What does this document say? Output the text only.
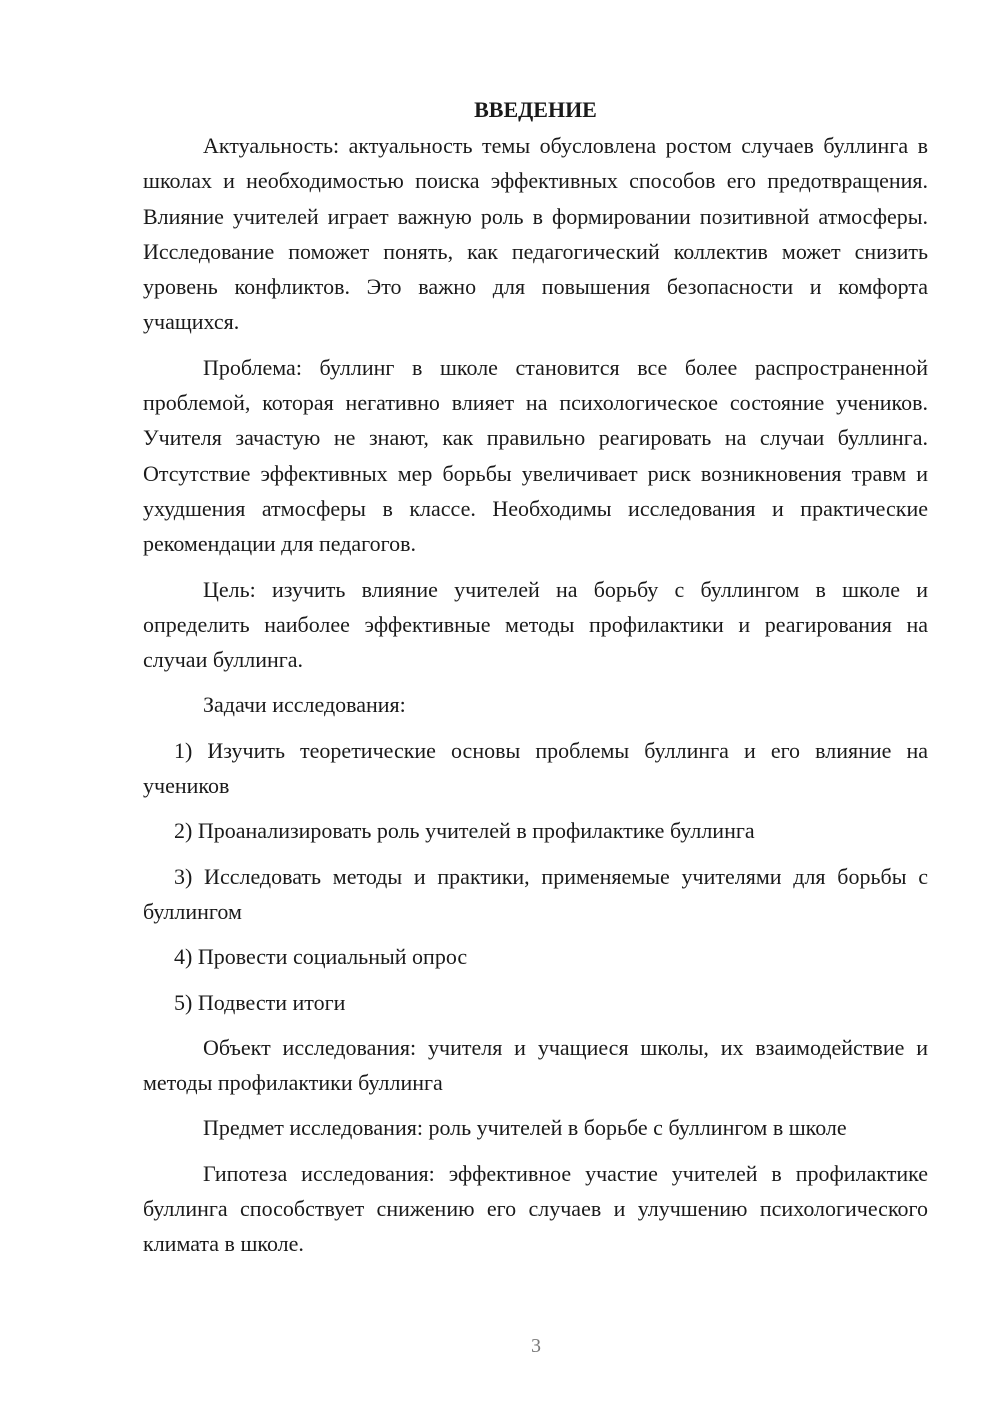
ВВЕДЕНИЕ

Актуальность: актуальность темы обусловлена ростом случаев буллинга в школах и необходимостью поиска эффективных способов его предотвращения. Влияние учителей играет важную роль в формировании позитивной атмосферы. Исследование поможет понять, как педагогический коллектив может снизить уровень конфликтов. Это важно для повышения безопасности и комфорта учащихся.

Проблема: буллинг в школе становится все более распространенной проблемой, которая негативно влияет на психологическое состояние учеников. Учителя зачастую не знают, как правильно реагировать на случаи буллинга. Отсутствие эффективных мер борьбы увеличивает риск возникновения травм и ухудшения атмосферы в классе. Необходимы исследования и практические рекомендации для педагогов.

Цель: изучить влияние учителей на борьбу с буллингом в школе и определить наиболее эффективные методы профилактики и реагирования на случаи буллинга.

Задачи исследования:

1) Изучить теоретические основы проблемы буллинга и его влияние на учеников

2) Проанализировать роль учителей в профилактике буллинга

3) Исследовать методы и практики, применяемые учителями для борьбы с буллингом

4) Провести социальный опрос

5) Подвести итоги

Объект исследования: учителя и учащиеся школы, их взаимодействие и методы профилактики буллинга

Предмет исследования: роль учителей в борьбе с буллингом в школе

Гипотеза исследования: эффективное участие учителей в профилактике буллинга способствует снижению его случаев и улучшению психологического климата в школе.

3
